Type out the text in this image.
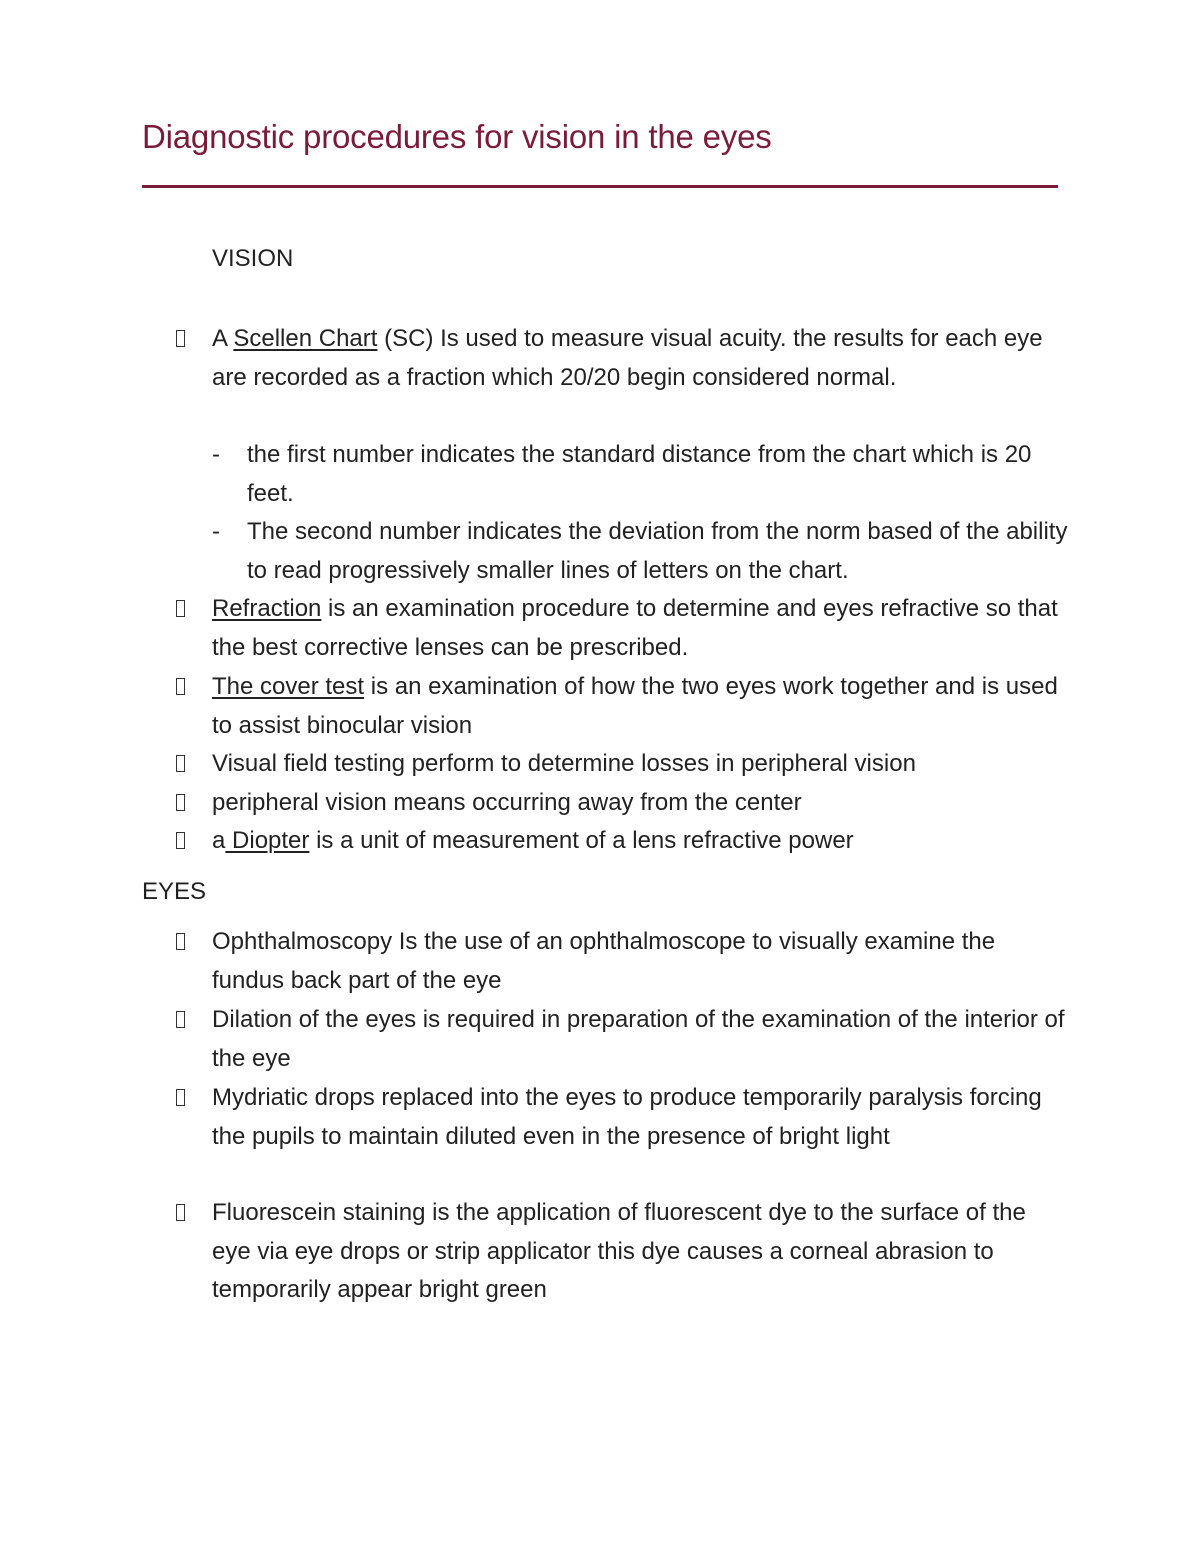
Diagnostic procedures for vision in the eyes
VISION
A Scellen Chart (SC) Is used to measure visual acuity. the results for each eye are recorded as a fraction which 20/20 begin considered normal.
- the first number indicates the standard distance from the chart which is 20 feet.
- The second number indicates the deviation from the norm based of the ability to read progressively smaller lines of letters on the chart.
Refraction is an examination procedure to determine and eyes refractive so that the best corrective lenses can be prescribed.
The cover test is an examination of how the two eyes work together and is used to assist binocular vision
Visual field testing perform to determine losses in peripheral vision
peripheral vision means occurring away from the center
a Diopter is a unit of measurement of a lens refractive power
EYES
Ophthalmoscopy Is the use of an ophthalmoscope to visually examine the fundus back part of the eye
Dilation of the eyes is required in preparation of the examination of the interior of the eye
Mydriatic drops replaced into the eyes to produce temporarily paralysis forcing the pupils to maintain diluted even in the presence of bright light
Fluorescein staining is the application of fluorescent dye to the surface of the eye via eye drops or strip applicator this dye causes a corneal abrasion to temporarily appear bright green
